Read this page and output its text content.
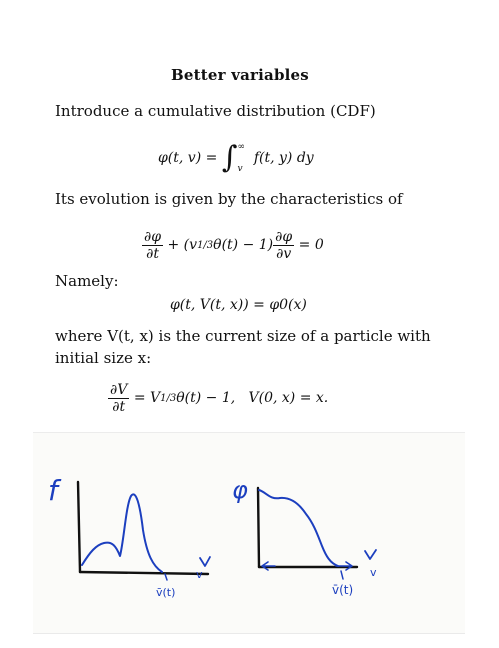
Better variables
Introduce a cumulative distribution (CDF)
φ(t, v) = ∫ ∞
v
f(t, y) dy
Its evolution is given by the characteristics of
$\frac{\partial\varphi}{\partial t}$
+ (v 1/3 $\theta(t) - 1) \frac{\partial\varphi}{\partial v}$
= 0
Namely:
φ(t, V(t, x)) = φ0(x)
where V(t, x) is the current size of a particle with
initial size x:
$\frac{\partial V}{\partial t}$
= V 1/3 θ(t) − 1,
V(0, x) = x.
f
v
v̄(t)
φ
v
v̄(t)
